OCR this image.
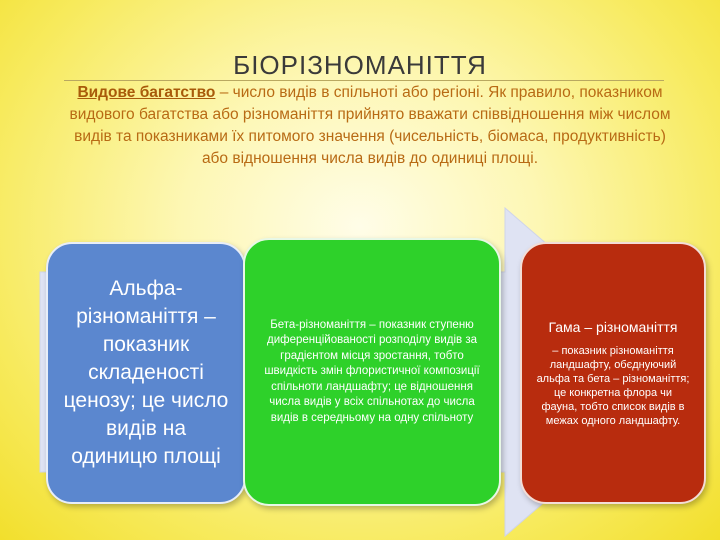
БІОРІЗНОМАНІТТЯ
Видове багатство – число видів в спільноті або регіоні. Як правило, показником видового багатства або різноманіття прийнято вважати співвідношення між числом видів та показниками їх питомого значення (чисельність, біомаса, продуктивність) або відношення числа видів до одиниці площі.
Альфа-різноманіття – показник складеності ценозу; це число видів на одиницю площі
Бета-різноманіття – показник ступеню диференційованості розподілу видів за градієнтом місця зростання, тобто швидкість змін флористичної композиції спільноти ландшафту; це відношення числа видів у всіх спільнотах до числа видів в середньому на одну спільноту
Гама – різноманіття
– показник різноманіття ландшафту, обєднуючий альфа та бета – різноманіття; це конкретна флора чи фауна, тобто список видів в межах одного ландшафту.
